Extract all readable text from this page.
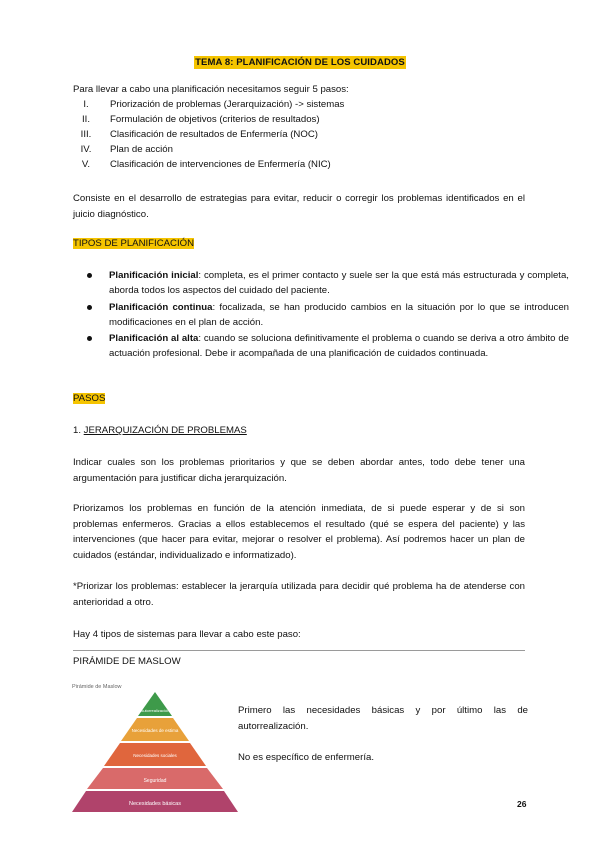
TEMA 8: PLANIFICACIÓN DE LOS CUIDADOS
Para llevar a cabo una planificación necesitamos seguir 5 pasos:
I.	Priorización de problemas (Jerarquización) -> sistemas
II.	Formulación de objetivos (criterios de resultados)
III.	Clasificación de resultados de Enfermería (NOC)
IV.	Plan de acción
V.	Clasificación de intervenciones de Enfermería (NIC)
Consiste en el desarrollo de estrategias para evitar, reducir o corregir los problemas identificados en el juicio diagnóstico.
TIPOS DE PLANIFICACIÓN
Planificación inicial: completa, es el primer contacto y suele ser la que está más estructurada y completa, aborda todos los aspectos del cuidado del paciente.
Planificación continua: focalizada, se han producido cambios en la situación por lo que se introducen modificaciones en el plan de acción.
Planificación al alta: cuando se soluciona definitivamente el problema o cuando se deriva a otro ámbito de actuación profesional. Debe ir acompañada de una planificación de cuidados continuada.
PASOS
1. JERARQUIZACIÓN DE PROBLEMAS
Indicar cuales son los problemas prioritarios y que se deben abordar antes, todo debe tener una argumentación para justificar dicha jerarquización.
Priorizamos los problemas en función de la atención inmediata, de si puede esperar y de si son problemas enfermeros. Gracias a ellos establecemos el resultado (qué se espera del paciente) y las intervenciones (que hacer para evitar, mejorar o resolver el problema). Así podremos hacer un plan de cuidados (estándar, individualizado e informatizado).
*Priorizar los problemas: establecer la jerarquía utilizada para decidir qué problema ha de atenderse con anterioridad a otro.
Hay 4 tipos de sistemas para llevar a cabo este paso:
PIRÁMIDE DE MASLOW
Pirámide de Maslow
Autorrealización
Necesidades de estima
Necesidades sociales
Seguridad
Necesidades básicas
Primero las necesidades básicas y por último las de autorrealización.
No es específico de enfermería.
26
